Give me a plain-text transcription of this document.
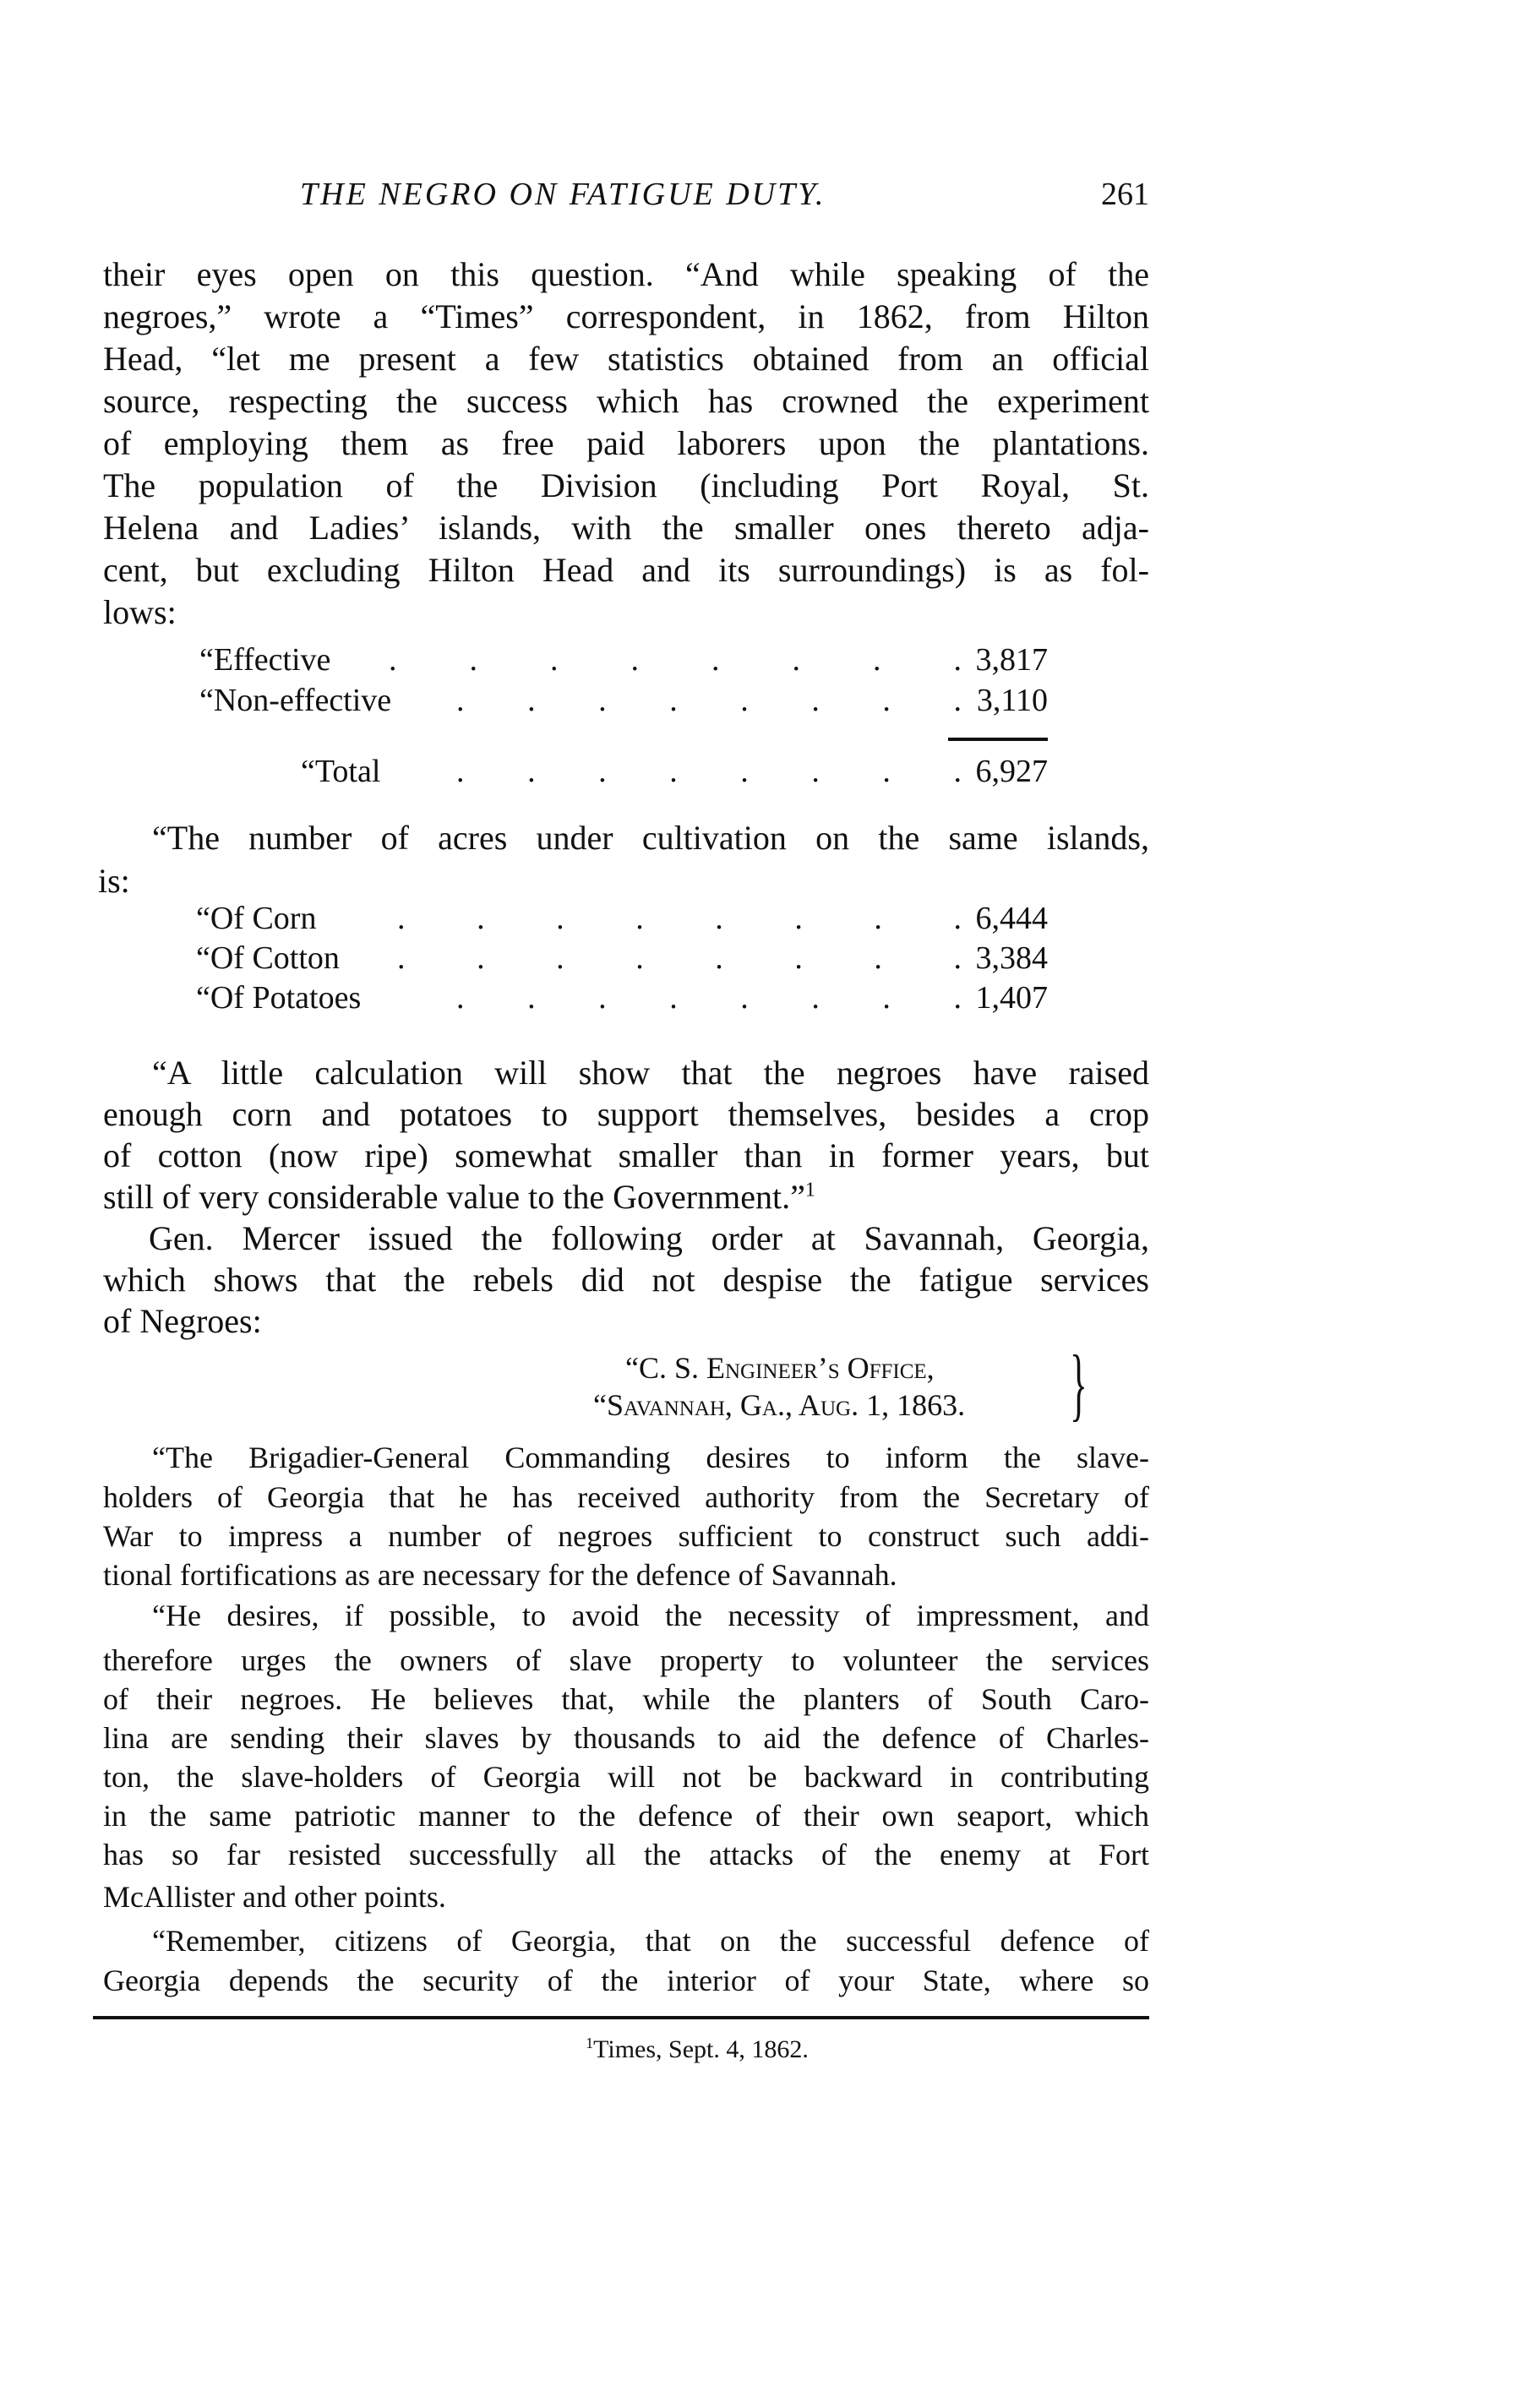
THE NEGRO ON FATIGUE DUTY.	261
their eyes open on this question. “And while speaking of the
negroes,” wrote a “Times” correspondent, in 1862, from Hilton
Head, “let me present a few statistics obtained from an official
source, respecting the success which has crowned the experiment
of employing them as free paid laborers upon the plantations.
The population of the Division (including Port Royal, St.
Helena and Ladies’ islands, with the smaller ones thereto adja-
cent, but excluding Hilton Head and its surroundings) is as fol-
lows:
“Effective . . . . . . . . 3,817
“Non-effective . . . . . . . . 3,110
“Total . . . . . . . . 6,927
“The number of acres under cultivation on the same islands,
is:
“Of Corn	. . . . . . . . 6,444
“Of Cotton . . . . . . . . 3,384
“Of Potatoes	. . . . . . . . 1,407
“A little calculation will show that the negroes have raised
enough corn and potatoes to support themselves, besides a crop
of cotton (now ripe) somewhat smaller than in former years, but
still of very considerable value to the Government.”$^1$
Gen. Mercer issued the following order at Savannah, Georgia,
which shows that the rebels did not despise the fatigue services
of Negroes:
“C. S. Engineer’s Office,
“Savannah, Ga., Aug. 1, 1863. }
“The Brigadier-General Commanding desires to inform the slave-
holders of Georgia that he has received authority from the Secretary of
War to impress a number of negroes sufficient to construct such addi-
tional fortifications as are necessary for the defence of Savannah.
“He desires, if possible, to avoid the necessity of impressment, and
therefore urges the owners of slave property to volunteer the services
of their negroes. He believes that, while the planters of South Caro-
lina are sending their slaves by thousands to aid the defence of Charles-
ton, the slave-holders of Georgia will not be backward in contributing
in the same patriotic manner to the defence of their own seaport, which
has so far resisted successfully all the attacks of the enemy at Fort
McAllister and other points.
“Remember, citizens of Georgia, that on the successful defence of
Georgia depends the security of the interior of your State, where so
$^1$Times, Sept. 4, 1862.
